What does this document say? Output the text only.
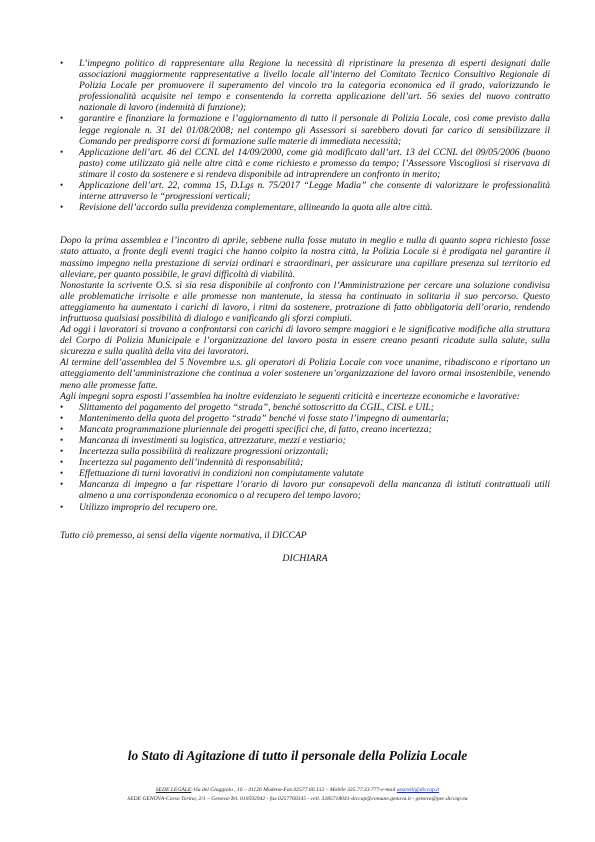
• L’impegno politico di rappresentare alla Regione la necessità di ripristinare la presenza di esperti designati dalle associazioni maggiormente rappresentative a livello locale all’interno del Comitato Tecnico Consultivo Regionale di Polizia Locale per promuovere il superamento del vincolo tra la categoria economica ed il grado, valorizzando le professionalità acquisite nel tempo e consentendo la corretta applicazione dell’art. 56 sexies del nuovo contratto nazionale di lavoro (indennità di funzione);
• garantire e finanziare la formazione e l’aggiornamento di tutto il personale di Polizia Locale, così come previsto dalla legge regionale n. 31 del 01/08/2008; nel contempo gli Assessori si sarebbero dovuti far carico di sensibilizzare il Comando per predisporre corsi di formazione sulle materie di immediata necessità;
• Applicazione dell’art. 46 del CCNL del 14/09/2000, come già modificato dall’art. 13 del CCNL del 09/05/2006 (buono pasto) come utilizzato già nelle altre città e come richiesto e promesso da tempo; l’Assessore Viscogliosi si riservava di stimare il costo da sostenere e si rendeva disponibile ad intraprendere un confronto in merito;
• Applicazione dell’art. 22, comma 15, D.Lgs n. 75/2017 “Legge Madia” che consente di valorizzare le professionalità interne attraverso le “progressioni verticali;
• Revisione dell’accordo sulla previdenza complementare, allineando la quota alle altre città.

Dopo la prima assemblea e l’incontro di aprile, sebbene nulla fosse mutato in meglio e nulla di quanto sopra richiesto fosse stato attuato, a fronte degli eventi tragici che hanno colpito la nostra città, la Polizia Locale si è prodigata nel garantire il massimo impegno nella prestazione di servizi ordinari e straordinari, per assicurare una capillare presenza sul territorio ed alleviare, per quanto possibile, le gravi difficoltà di viabilità.

Nonostante la scrivente O.S. si sia resa disponibile al confronto con l’Amministrazione per cercare una soluzione condivisa alle problematiche irrisolte e alle promesse non mantenute, la stessa ha continuato in solitaria il suo percorso. Questo atteggiamento ha aumentato i carichi di lavoro, i ritmi da sostenere, protrazione di fatto obbligatoria dell’orario, rendendo infruttuosa qualsiasi possibilità di dialogo e vanificando gli sforzi compiuti.

Ad oggi i lavoratori si trovano a confrontarsi con carichi di lavoro sempre maggiori e le significative modifiche alla struttura del Corpo di Polizia Municipale e l’organizzazione del lavoro posta in essere creano pesanti ricadute sulla salute, sulla sicurezza e sulla qualità della vita dei lavoratori.

Al termine dell’assemblea del 5 Novembre u.s. gli operatori di Polizia Locale con voce unanime, ribadiscono e riportano un atteggiamento dell’amministrazione che continua a voler sostenere un’organizzazione del lavoro ormai insostenibile, venendo meno alle promesse fatte.

Agli impegni sopra esposti l’assemblea ha inoltre evidenziato le seguenti criticità e incertezze economiche e lavorative:

• Slittamento del pagamento del progetto “strada”, benché sottoscritto da CGIL, CISL e UIL;
• Mantenimento della quota del progetto “strada” benché vi fosse stato l’impegno di aumentarla;
• Mancata programmazione pluriennale dei progetti specifici che, di fatto, creano incertezza;
• Mancanza di investimenti su logistica, attrezzature, mezzi e vestiario;
• Incertezza sulla possibilità di realizzare progressioni orizzontali;
• Incertezza sul pagamento dell’indennità di responsabilità;
• Effettuazione di turni lavorativi in condizioni non compiutamente valutate
• Mancanza di impegno a far rispettare l’orario di lavoro pur consapevoli della mancanza di istituti contrattuali utili almeno a una corrispondenza economica o al recupero del tempo lavoro;
• Utilizzo improprio del recupero ore.

Tutto ciò premesso, ai sensi della vigente normativa, il DICCAP

DICHIARA

lo Stato di Agitazione di tutto il personale della Polizia Locale
SEDE LEGALE-Via del Giaggiolo , 16 – 41126 Modena-Fax.02577.60.132 – Mobile 335.77.33.777-e-mail assirelli@diccap.it
SEDE GENOVA-Corso Torino, 2/1 – Genova-Tel. 010592942 - fax 0257760345 - cell. 3285718041-diccap@comune.genova.it - genova@pec.diccap.eu
